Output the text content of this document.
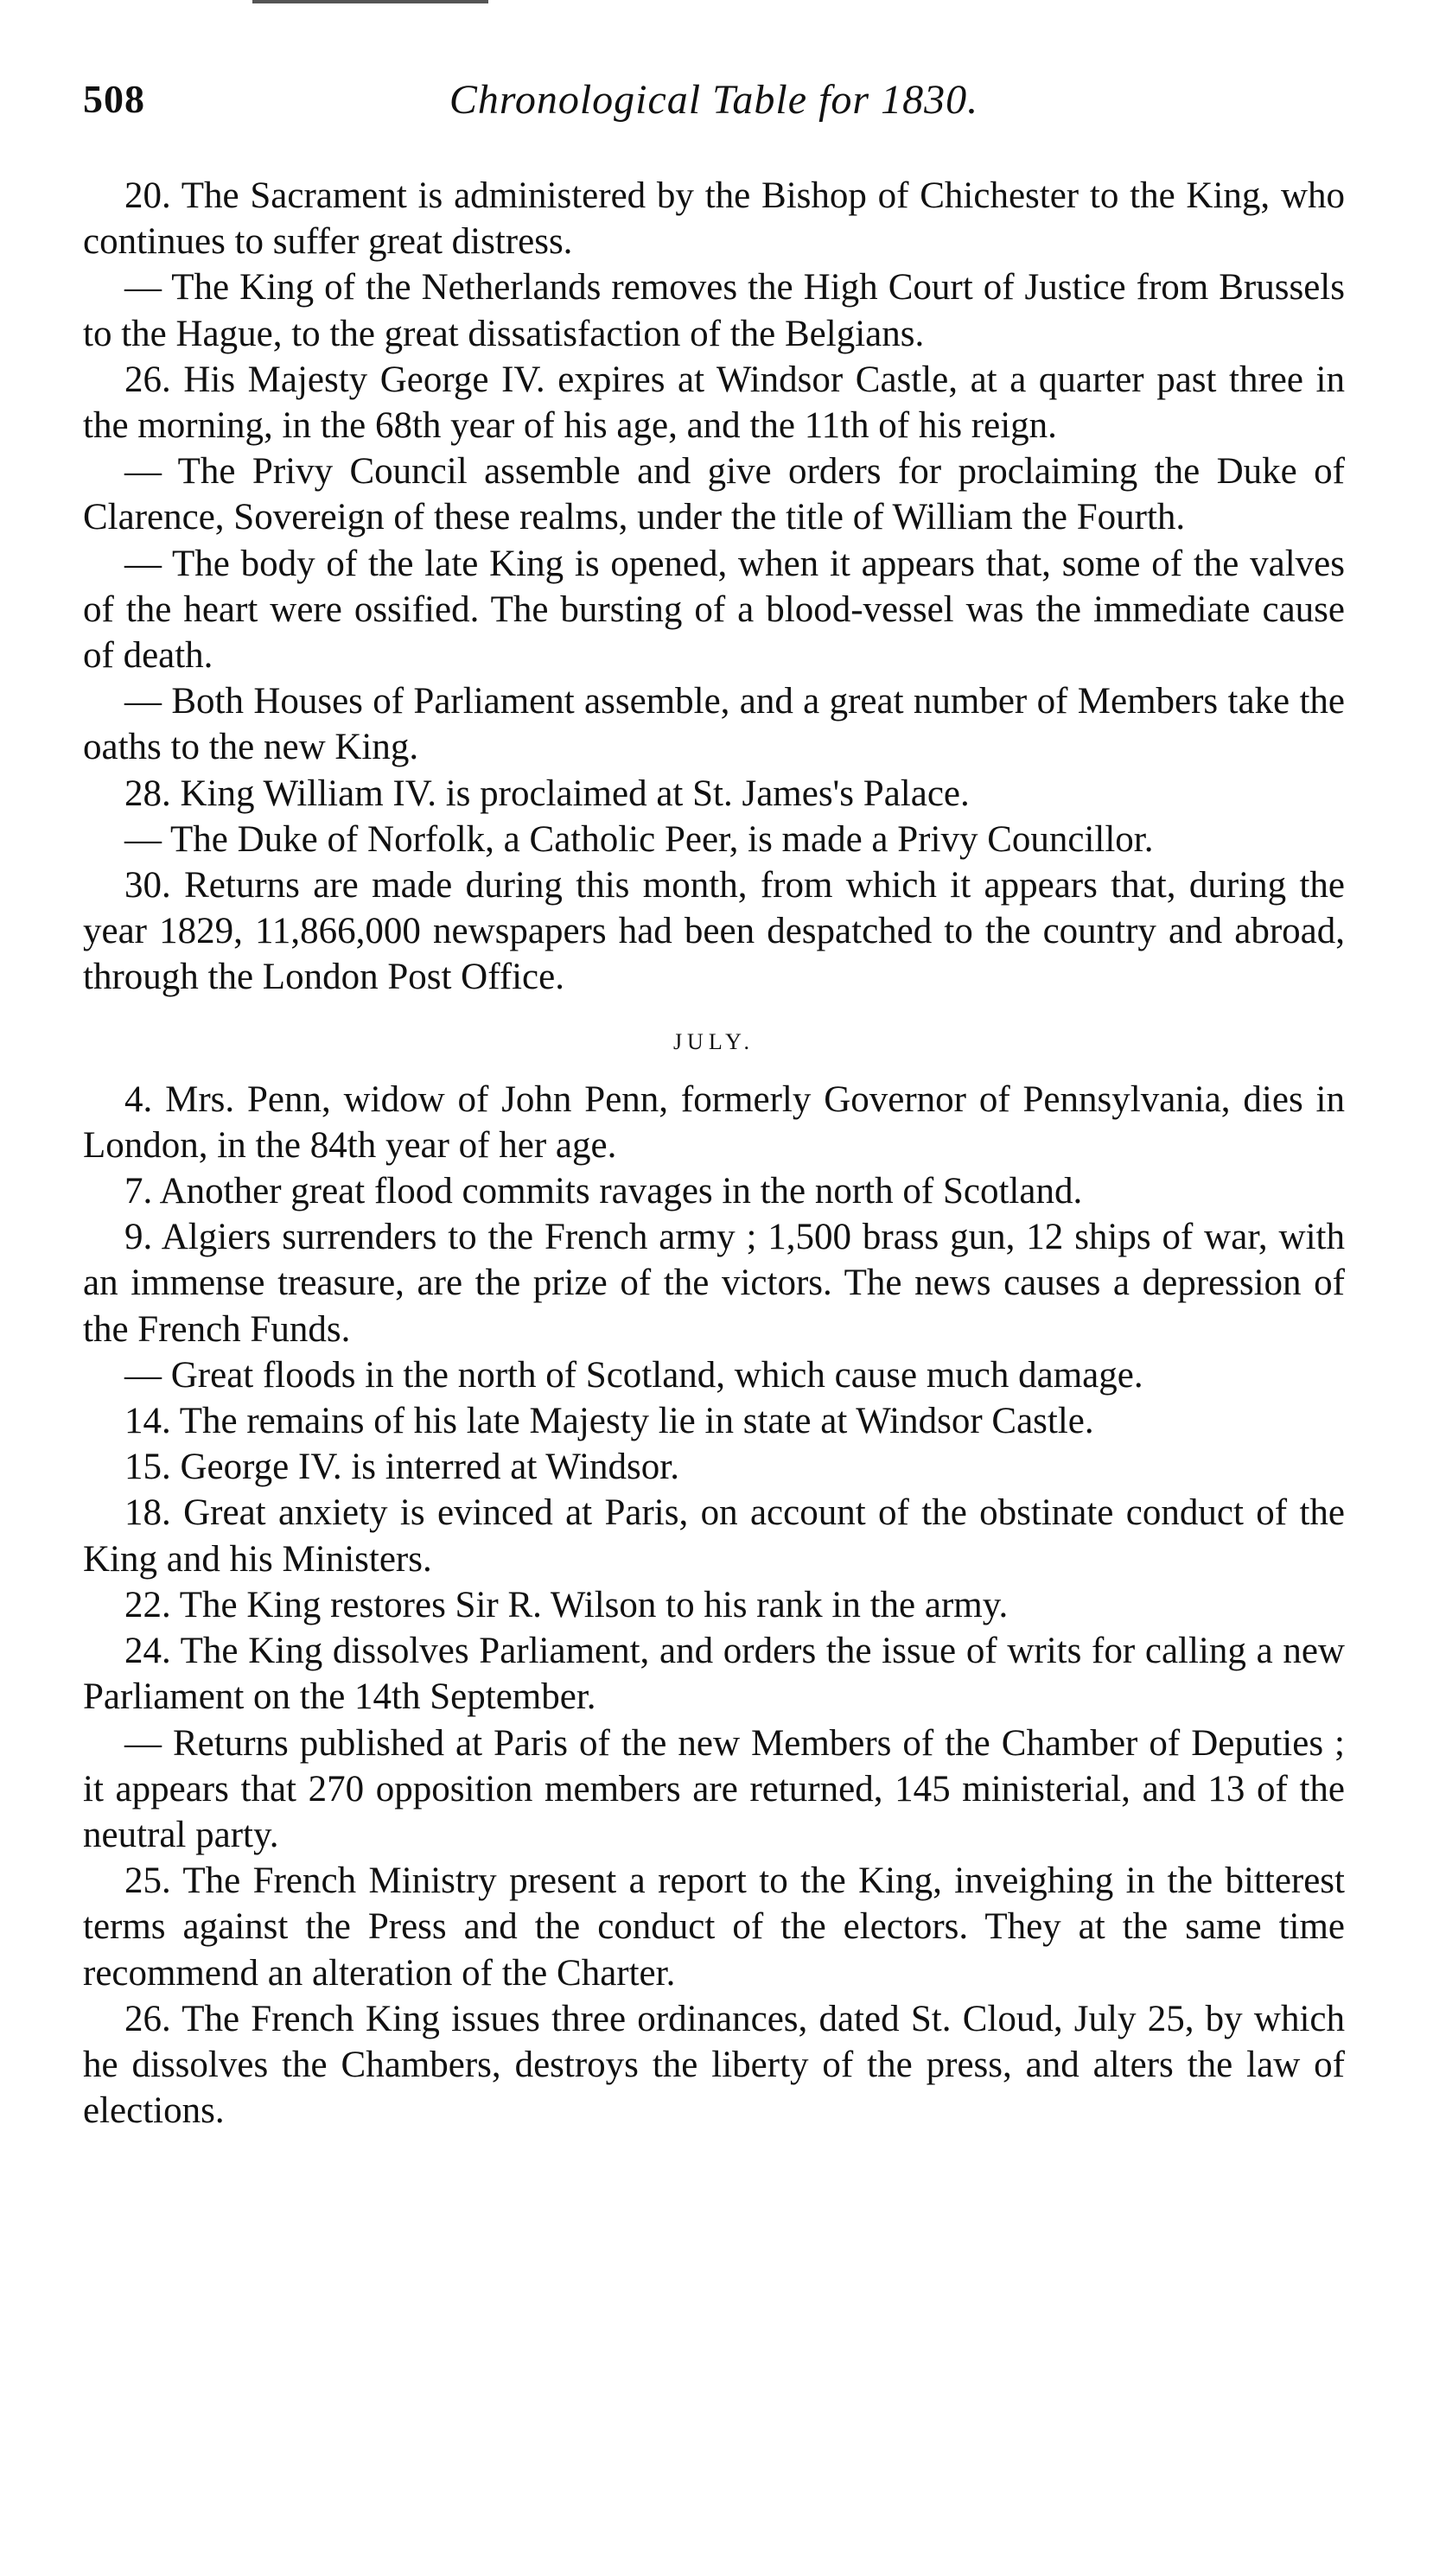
508	Chronological Table for 1830.

20. The Sacrament is administered by the Bishop of Chichester to the King, who continues to suffer great distress.

— The King of the Netherlands removes the High Court of Justice from Brussels to the Hague, to the great dissatisfaction of the Belgians.

26. His Majesty George IV. expires at Windsor Castle, at a quarter past three in the morning, in the 68th year of his age, and the 11th of his reign.

— The Privy Council assemble and give orders for proclaiming the Duke of Clarence, Sovereign of these realms, under the title of William the Fourth.

— The body of the late King is opened, when it appears that, some of the valves of the heart were ossified. The bursting of a blood-vessel was the immediate cause of death.

— Both Houses of Parliament assemble, and a great number of Members take the oaths to the new King.

28. King William IV. is proclaimed at St. James's Palace.

— The Duke of Norfolk, a Catholic Peer, is made a Privy Councillor.

30. Returns are made during this month, from which it appears that, during the year 1829, 11,866,000 newspapers had been despatched to the country and abroad, through the London Post Office.

JULY.

4. Mrs. Penn, widow of John Penn, formerly Governor of Pennsylvania, dies in London, in the 84th year of her age.

7. Another great flood commits ravages in the north of Scotland.

9. Algiers surrenders to the French army ; 1,500 brass gun, 12 ships of war, with an immense treasure, are the prize of the victors. The news causes a depression of the French Funds.

— Great floods in the north of Scotland, which cause much damage.

14. The remains of his late Majesty lie in state at Windsor Castle.

15. George IV. is interred at Windsor.

18. Great anxiety is evinced at Paris, on account of the obstinate conduct of the King and his Ministers.

22. The King restores Sir R. Wilson to his rank in the army.

24. The King dissolves Parliament, and orders the issue of writs for calling a new Parliament on the 14th September.

— Returns published at Paris of the new Members of the Chamber of Deputies ; it appears that 270 opposition members are returned, 145 ministerial, and 13 of the neutral party.

25. The French Ministry present a report to the King, inveighing in the bitterest terms against the Press and the conduct of the electors. They at the same time recommend an alteration of the Charter.

26. The French King issues three ordinances, dated St. Cloud, July 25, by which he dissolves the Chambers, destroys the liberty of the press, and alters the law of elections.
